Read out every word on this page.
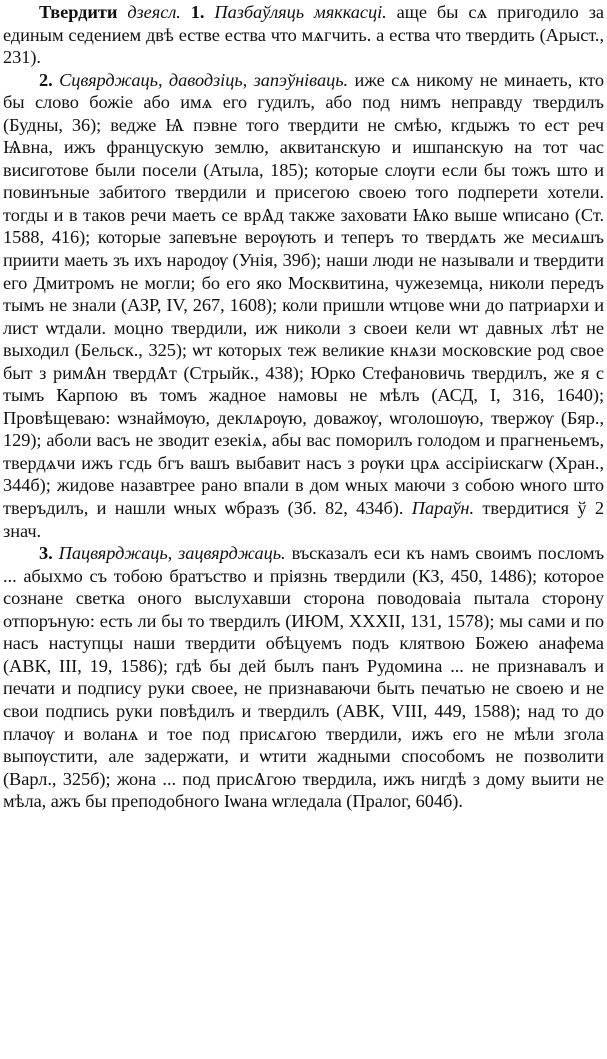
Твердити дзеясл. 1. Пазбаўляць мяккасці. аще бы сѧ пригодило за единым седением двѣ естве ества что мѧгчить. а ества что твердить (Арыст., 231).

2. Сцвярджаць, даводзіць, запэўніваць. иже сѧ никому не минаеть, кто бы слово божiе або имѧ его гудилъ, або под нимъ неправду твердилъ (Будны, 36); ведже Ѩ пэвне того твердити не смѣю, кгдыжъ то ест реч Ѩвна, ижъ францускую землю, аквитанскую и ишпанскую на тот час висиготове были посели (Атыла, 185); которые слѹги если бы тожъ што и повинъные забитого твердили и присегою своею того подперети хотели. тогды и в таков речи маеть се врѦд также заховати Ѩко выше ѡписано (Ст. 1588, 416); которые запевъне верѹють и теперъ то твердѧть же месиѧшъ приити маеть зъ ихъ народѹ (Унія, 39б); наши люди не называли и твердити его Дмитромъ не могли; бо его яко Москвитина, чужеземца, николи передъ тымъ не знали (АЗР, IV, 267, 1608); коли пришли ѡтцове ѡни до патриархи и лист ѡтдали. моцно твердили, иж николи з своеи кели ѡт давных лѣт не выходил (Бельск., 325); ѡт которых теж великие кнѧзи московские род свое быт з римѦн твердѦт (Стрыйк., 438); Юрко Стефановичь твердилъ, же я с тымъ Карпою въ томъ жадное намовы не мѣлъ (АСД, I, 316, 1640); Провѣщеваю: ѡзнаймѹю, деклѧрѹю, доважѹ, ѡголошѹю, твержѹ (Бяр., 129); аболи васъ не зводит езекiѧ, абы вас поморилъ голодом и прагненьемъ, твердѧчи ижъ гсдь бгъ вашъ выбавит насъ з рѹки црѧ ассiрiискагѡ (Хран., 344б); жидове назавтрее рано впали в дом ѡных маючи з собою ѡного што тверъдилъ, и нашли ѡных ѡбразъ (Зб. 82, 434б). Параўн. твердитися ў 2 знач.

3. Пацвярджаць, зацвярджаць. въсказалъ еси къ намъ своимъ посломъ ... абыхмо съ тобою братъство и прiязнь твердили (КЗ, 450, 1486); которое сознане светка оного выслухавши сторона поводоваіа пытала сторону отпоръную: есть ли бы то твердилъ (ИЮМ, XXXII, 131, 1578); мы сами и по насъ наступцы наши твердити обѣцуемъ подъ клятвою Божею анафема (АВК, III, 19, 1586); гдѣ бы дей былъ панъ Рудомина ... не признавалъ и печати и подпису руки своее, не признаваючи быть печатью не своею и не свои подпись руки повѣдилъ и твердилъ (АВК, VIII, 449, 1588); над то до плачѹ и воланѧ и тое под присѧгою твердили, ижъ его не мѣли згола выпѹстити, але задержати, и ѡтити жадными способомъ не позволити (Варл., 325б); жона ... под присѦгою твердила, ижъ нигдѣ з дому выити не мѣла, ажъ бы преподобного Iѡана ѡгледала (Пралог, 604б).
